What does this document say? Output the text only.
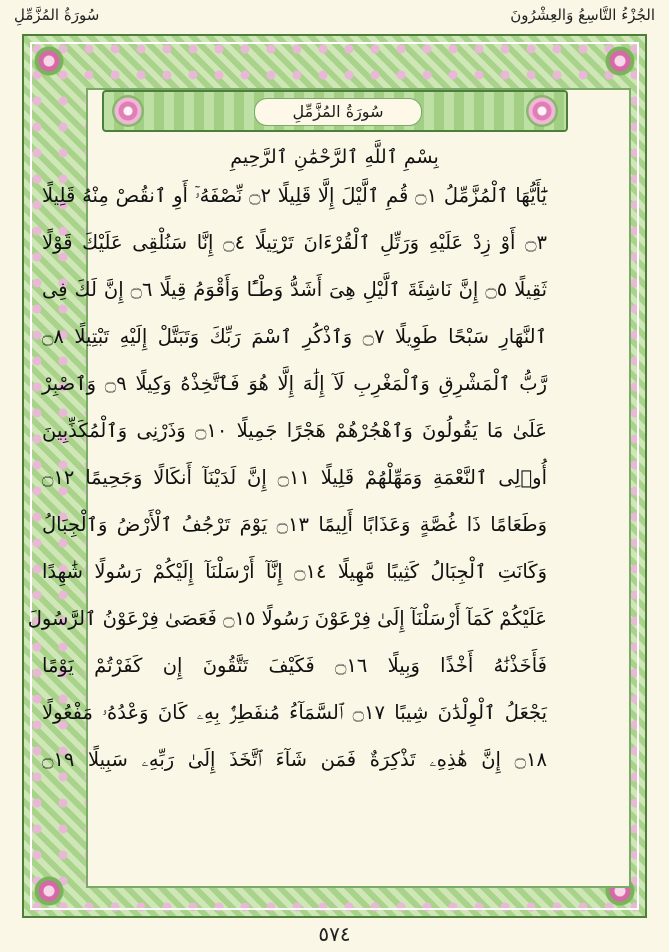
الجُزْءُ التَّاسِعُ وَالعِشْرُونَ
سُورَةُ المُزَّمِّلِ
سُورَةُ المُزَّمِّلِ
بِسْمِ ٱللَّهِ ٱلرَّحْمَٰنِ ٱلرَّحِيمِ
يَٰٓأَيُّهَا ٱلْمُزَّمِّلُ ۝١ قُمِ ٱلَّيْلَ إِلَّا قَلِيلًا ۝٢ نِّصْفَهُۥٓ أَوِ ٱنقُصْ مِنْهُ قَلِيلًا
۝٣ أَوْ زِدْ عَلَيْهِ وَرَتِّلِ ٱلْقُرْءَانَ تَرْتِيلًا ۝٤ إِنَّا سَنُلْقِى عَلَيْكَ قَوْلًا
ثَقِيلًا ۝٥ إِنَّ نَاشِئَةَ ٱلَّيْلِ هِىَ أَشَدُّ وَطْـًٔا وَأَقْوَمُ قِيلًا ۝٦ إِنَّ لَكَ فِى
ٱلنَّهَارِ سَبْحًا طَوِيلًا ۝٧ وَٱذْكُرِ ٱسْمَ رَبِّكَ وَتَبَتَّلْ إِلَيْهِ تَبْتِيلًا ۝٨
رَّبُّ ٱلْمَشْرِقِ وَٱلْمَغْرِبِ لَآ إِلَٰهَ إِلَّا هُوَ فَٱتَّخِذْهُ وَكِيلًا ۝٩ وَٱصْبِرْ
عَلَىٰ مَا يَقُولُونَ وَٱهْجُرْهُمْ هَجْرًا جَمِيلًا ۝١٠ وَذَرْنِى وَٱلْمُكَذِّبِينَ
أُو۟لِى ٱلنَّعْمَةِ وَمَهِّلْهُمْ قَلِيلًا ۝١١ إِنَّ لَدَيْنَآ أَنكَالًا وَجَحِيمًا ۝١٢
وَطَعَامًا ذَا غُصَّةٍ وَعَذَابًا أَلِيمًا ۝١٣ يَوْمَ تَرْجُفُ ٱلْأَرْضُ وَٱلْجِبَالُ
وَكَانَتِ ٱلْجِبَالُ كَثِيبًا مَّهِيلًا ۝١٤ إِنَّآ أَرْسَلْنَآ إِلَيْكُمْ رَسُولًا شَٰهِدًا
عَلَيْكُمْ كَمَآ أَرْسَلْنَآ إِلَىٰ فِرْعَوْنَ رَسُولًا ۝١٥ فَعَصَىٰ فِرْعَوْنُ ٱلرَّسُولَ
فَأَخَذْنَٰهُ أَخْذًا وَبِيلًا ۝١٦ فَكَيْفَ تَتَّقُونَ إِن كَفَرْتُمْ يَوْمًا
يَجْعَلُ ٱلْوِلْدَٰنَ شِيبًا ۝١٧ ٱلسَّمَآءُ مُنفَطِرٌۢ بِهِۦ كَانَ وَعْدُهُۥ مَفْعُولًا
۝١٨ إِنَّ هَٰذِهِۦ تَذْكِرَةٌ فَمَن شَآءَ ٱتَّخَذَ إِلَىٰ رَبِّهِۦ سَبِيلًا ۝١٩
٥٧٤
